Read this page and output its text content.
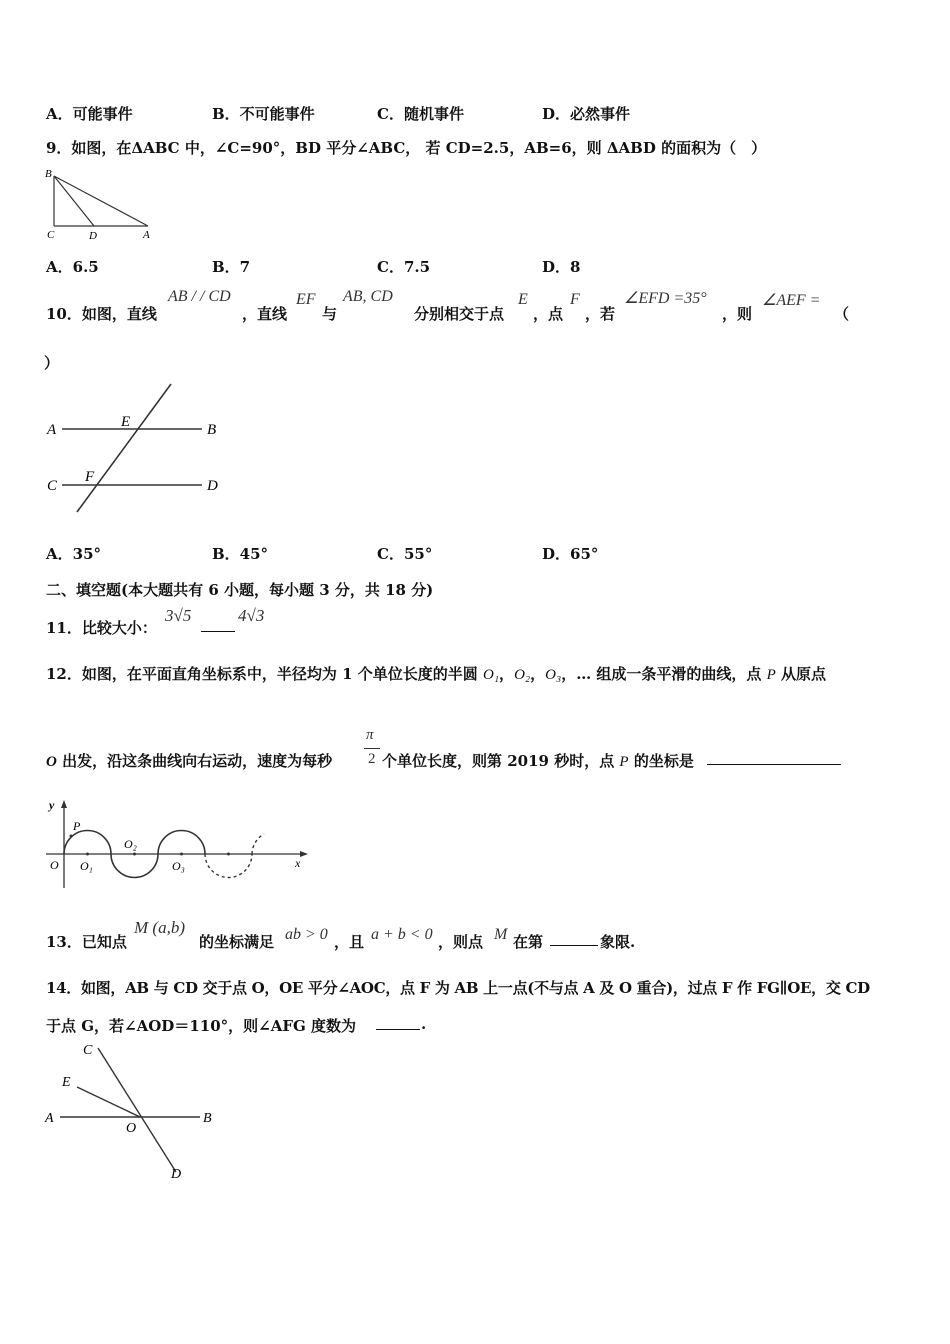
A．可能事件	B．不可能事件	C．随机事件	D．必然事件
9．如图，在ΔABC 中，∠C=90°，BD 平分∠ABC， 若 CD=2.5，AB=6，则 ΔABD 的面积为（　）
B
C	D	A
A．6.5	B．7	C．7.5	D．8
10．如图，直线
AB / / CD
，直线
EF
与
AB, CD
分别相交于点
E
，点
F
，若
∠EFD =35°
，则
∠AEF =
（
）
A	E	B
C
F
D
A．35°	B．45°	C．55°	D．65°
二、填空题(本大题共有 6 小题，每小题 3 分，共 18 分)
11．比较大小：
3√5	4√3
12．如图，在平面直角坐标系中，半径均为 1 个单位长度的半圆 O₁，O₂，O₃，… 组成一条平滑的曲线，点 P 从原点
O 出发，沿这条曲线向右运动，速度为每秒
π
2 个单位长度，则第 2019 秒时，点 P 的坐标是
y
x
P
O O₁
O₂
O₃
13．已知点
M (a,b)
的坐标满足 ab > 0 ，且 a + b < 0 ，则点 M 在第	象限.
14．如图，AB 与 CD 交于点 O，OE 平分∠AOC，点 F 为 AB 上一点(不与点 A 及 O 重合)，过点 F 作 FG∥OE，交 CD
于点 G，若∠AOD＝110°，则∠AFG 度数为	.
C
E
A
O
B
D
